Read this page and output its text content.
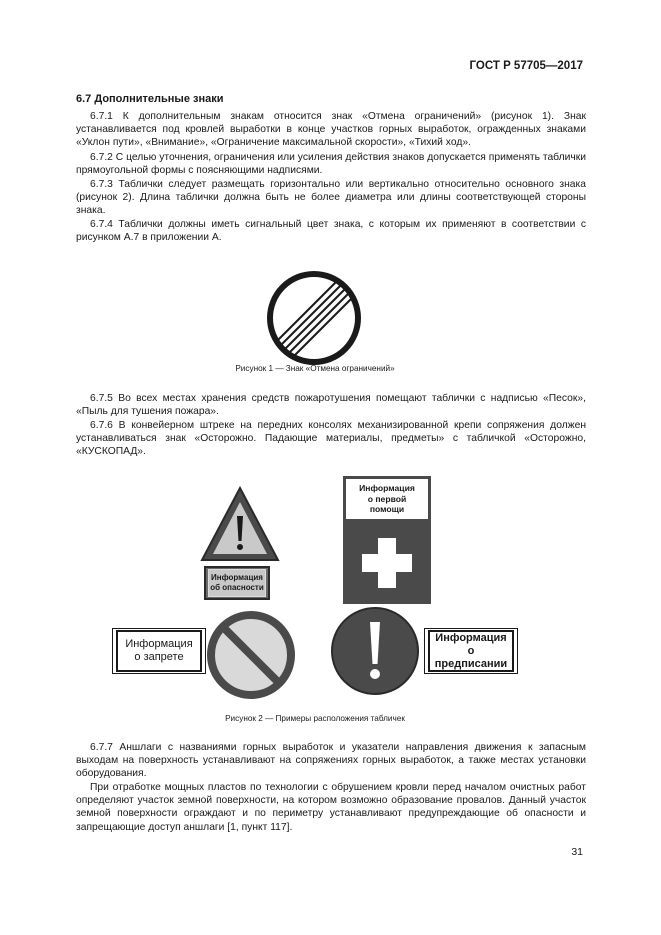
ГОСТ Р 57705—2017
6.7 Дополнительные знаки

6.7.1 К дополнительным знакам относится знак «Отмена ограничений» (рисунок 1). Знак устанавливается под кровлей выработки в конце участков горных выработок, огражденных знаками «Уклон пути», «Внимание», «Ограничение максимальной скорости», «Тихий ход».

6.7.2 С целью уточнения, ограничения или усиления действия знаков допускается применять таблички прямоугольной формы с поясняющими надписями.

6.7.3 Таблички следует размещать горизонтально или вертикально относительно основного знака (рисунок 2). Длина таблички должна быть не более диаметра или длины соответствующей стороны знака.

6.7.4 Таблички должны иметь сигнальный цвет знака, с которым их применяют в соответствии с рисунком А.7 в приложении А.

Рисунок 1 — Знак «Отмена ограничений»

6.7.5 Во всех местах хранения средств пожаротушения помещают таблички с надписью «Песок», «Пыль для тушения пожара».

6.7.6 В конвейерном штреке на передних консолях механизированной крепи сопряжения должен устанавливаться знак «Осторожно. Падающие материалы, предметы» с табличкой «Осторожно, «КУСКОПАД».

Информация
об опасности
Информация
о первой
помощи
Информация
о запрете
Информация
о предписании
Рисунок 2 — Примеры расположения табличек

6.7.7 Аншлаги с названиями горных выработок и указатели направления движения к запасным выходам на поверхность устанавливают на сопряжениях горных выработок, а также местах установки оборудования.

При отработке мощных пластов по технологии с обрушением кровли перед началом очистных работ определяют участок земной поверхности, на котором возможно образование провалов. Данный участок земной поверхности ограждают и по периметру устанавливают предупреждающие об опасности и запрещающие доступ аншлаги [1, пункт 117].

31
